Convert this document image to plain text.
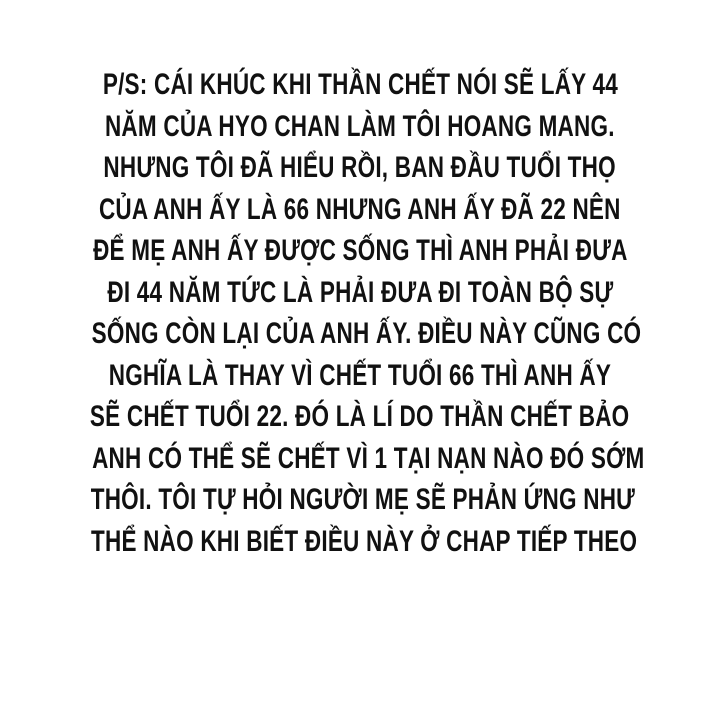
P/S: CÁI KHÚC KHI THẦN CHẾT NÓI SẼ LẤY 44
NĂM CỦA HYO CHAN LÀM TÔI HOANG MANG.
NHƯNG TÔI ĐÃ HIỂU RỒI, BAN ĐẦU TUỔI THỌ
CỦA ANH ẤY LÀ 66 NHƯNG ANH ẤY ĐÃ 22 NÊN
ĐỂ MẸ ANH ẤY ĐƯỢC SỐNG THÌ ANH PHẢI ĐƯA
ĐI 44 NĂM TỨC LÀ PHẢI ĐƯA ĐI TOÀN BỘ SỰ
SỐNG CÒN LẠI CỦA ANH ẤY. ĐIỀU NÀY CŨNG CÓ
NGHĨA LÀ THAY VÌ CHẾT TUỔI 66 THÌ ANH ẤY
SẼ CHẾT TUỔI 22. ĐÓ LÀ LÍ DO THẦN CHẾT BẢO
ANH CÓ THỂ SẼ CHẾT VÌ 1 TẠI NẠN NÀO ĐÓ SỚM
THÔI. TÔI TỰ HỎI NGƯỜI MẸ SẼ PHẢN ỨNG NHƯ
THỂ NÀO KHI BIẾT ĐIỀU NÀY Ở CHAP TIẾP THEO
